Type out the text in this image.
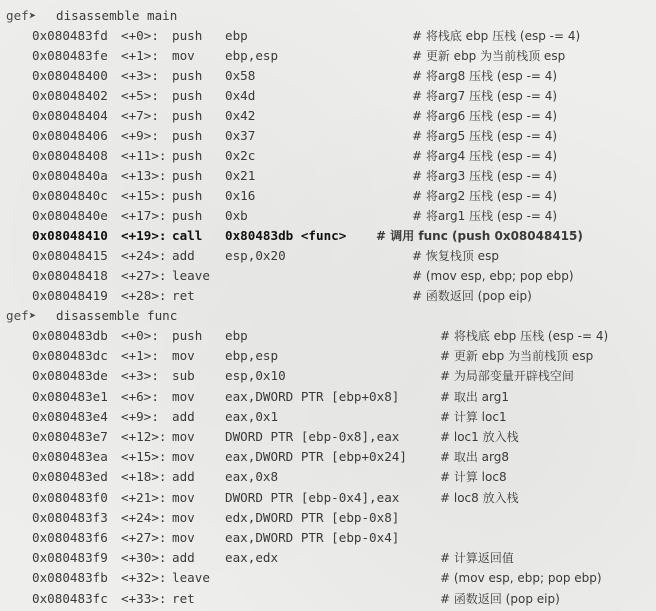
gef➤

disassemble main

0x080483fd <+0>: push ebp	# 将栈底 ebp 压栈 (esp -= 4)
0x080483fe <+1>: mov ebp,esp	# 更新 ebp 为当前栈顶 esp
0x08048400 <+3>: push 0x58	# 将arg8 压栈 (esp -= 4)
0x08048402 <+5>: push 0x4d	# 将arg7 压栈 (esp -= 4)
0x08048404 <+7>: push 0x42	# 将arg6 压栈 (esp -= 4)
0x08048406 <+9>: push 0x37	# 将arg5 压栈 (esp -= 4)
0x08048408 <+11>: push 0x2c	# 将arg4 压栈 (esp -= 4)
0x0804840a <+13>: push 0x21	# 将arg3 压栈 (esp -= 4)
0x0804840c <+15>: push 0x16	# 将arg2 压栈 (esp -= 4)
0x0804840e <+17>: push 0xb	# 将arg1 压栈 (esp -= 4)
0x08048410 <+19>: call 0x80483db <func> # 调用 func (push 0x08048415)
0x08048415 <+24>: add esp,0x20	# 恢复栈顶 esp
0x08048418 <+27>: leave	# (mov esp, ebp; pop ebp)
0x08048419 <+28>: ret	# 函数返回 (pop eip)

gef➤

disassemble func

0x080483db <+0>: push ebp	# 将栈底 ebp 压栈 (esp -= 4)
0x080483dc <+1>: mov ebp,esp	# 更新 ebp 为当前栈顶 esp
0x080483de <+3>: sub esp,0x10	# 为局部变量开辟栈空间
0x080483e1 <+6>: mov eax,DWORD PTR [ebp+0x8]	# 取出 arg1
0x080483e4 <+9>: add eax,0x1	# 计算 loc1
0x080483e7 <+12>: mov DWORD PTR [ebp-0x8],eax	# loc1 放入栈
0x080483ea <+15>: mov eax,DWORD PTR [ebp+0x24]	# 取出 arg8
0x080483ed <+18>: add eax,0x8	# 计算 loc8
0x080483f0 <+21>: mov DWORD PTR [ebp-0x4],eax	# loc8 放入栈
0x080483f3 <+24>: mov edx,DWORD PTR [ebp-0x8]
0x080483f6 <+27>: mov eax,DWORD PTR [ebp-0x4]
0x080483f9 <+30>: add eax,edx	# 计算返回值
0x080483fb <+32>: leave	# (mov esp, ebp; pop ebp)
0x080483fc <+33>: ret	# 函数返回 (pop eip)
